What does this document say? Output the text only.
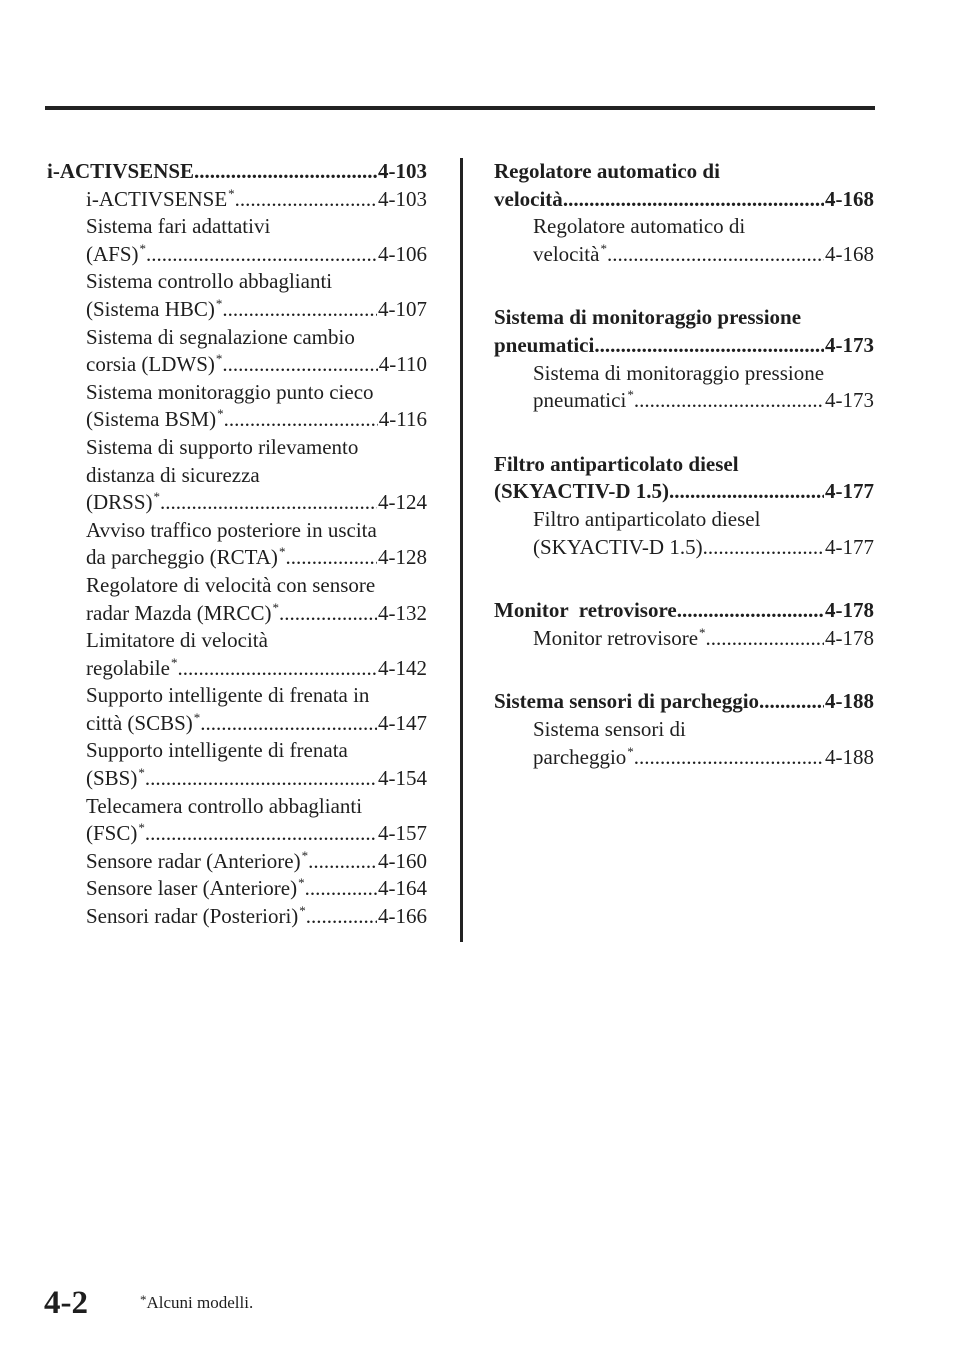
i-ACTIVSENSE .....	4-103
i-ACTIVSENSE * .....	4-103
Sistema fari adattativi
(AFS) * .....	4-106
Sistema controllo abbaglianti
(Sistema HBC) * .....	4-107
Sistema di segnalazione cambio
corsia (LDWS) * .....	4-110
Sistema monitoraggio punto cieco
(Sistema BSM) * .....	4-116
Sistema di supporto rilevamento
distanza di sicurezza
(DRSS) * .....	4-124
Avviso traffico posteriore in uscita
da parcheggio (RCTA) * .....	4-128
Regolatore di velocità con sensore
radar Mazda (MRCC) * .....	4-132
Limitatore di velocità
regolabile * .....	4-142
Supporto intelligente di frenata in
città (SCBS) * .....	4-147
Supporto intelligente di frenata
(SBS) * .....	4-154
Telecamera controllo abbaglianti
(FSC) * .....	4-157
Sensore radar (Anteriore) * .....	4-160
Sensore laser (Anteriore) * .....	4-164
Sensori radar (Posteriori) * .....	4-166
Regolatore automatico di
velocità .....	4-168
Regolatore automatico di
velocità * .....	4-168
Sistema di monitoraggio pressione
pneumatici .....	4-173
Sistema di monitoraggio pressione
pneumatici * .....	4-173
Filtro antiparticolato diesel
(SKYACTIV-D 1.5) .....	4-177
Filtro antiparticolato diesel
(SKYACTIV-D 1.5) .....	4-177
Monitor  retrovisore .....	4-178
Monitor retrovisore * .....	4-178
Sistema sensori di parcheggio .....	4-188
Sistema sensori di
parcheggio * .....	4-188
4-2	*Alcuni modelli.
